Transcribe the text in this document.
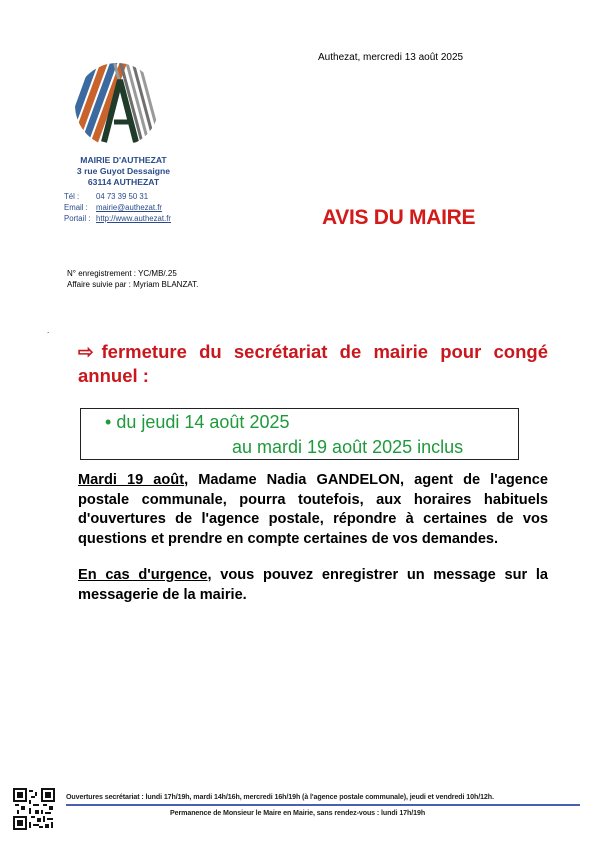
Authezat, mercredi 13 août 2025
MAIRIE D'AUTHEZAT
3 rue Guyot Dessaigne
63114 AUTHEZAT
Tél : 04 73 39 50 31
Email : mairie@authezat.fr
Portail : http://www.authezat.fr	AVIS DU MAIRE
N° enregistrement : YC/MB/.25
Affaire suivie par : Myriam BLANZAT.
.
⇨ fermeture du secrétariat de mairie pour congé annuel :
• du jeudi 14 août 2025
au mardi 19 août 2025 inclus
Mardi 19 août, Madame Nadia GANDELON, agent de l'agence postale communale, pourra toutefois, aux horaires habituels d'ouvertures de l'agence postale, répondre à certaines de vos questions et prendre en compte certaines de vos demandes.
En cas d'urgence, vous pouvez enregistrer un message sur la messagerie de la mairie.
Ouvertures secrétariat : lundi 17h/19h, mardi 14h/16h, mercredi 16h/19h (à l'agence postale communale), jeudi et vendredi 10h/12h.
Permanence de Monsieur le Maire en Mairie, sans rendez-vous : lundi 17h/19h
